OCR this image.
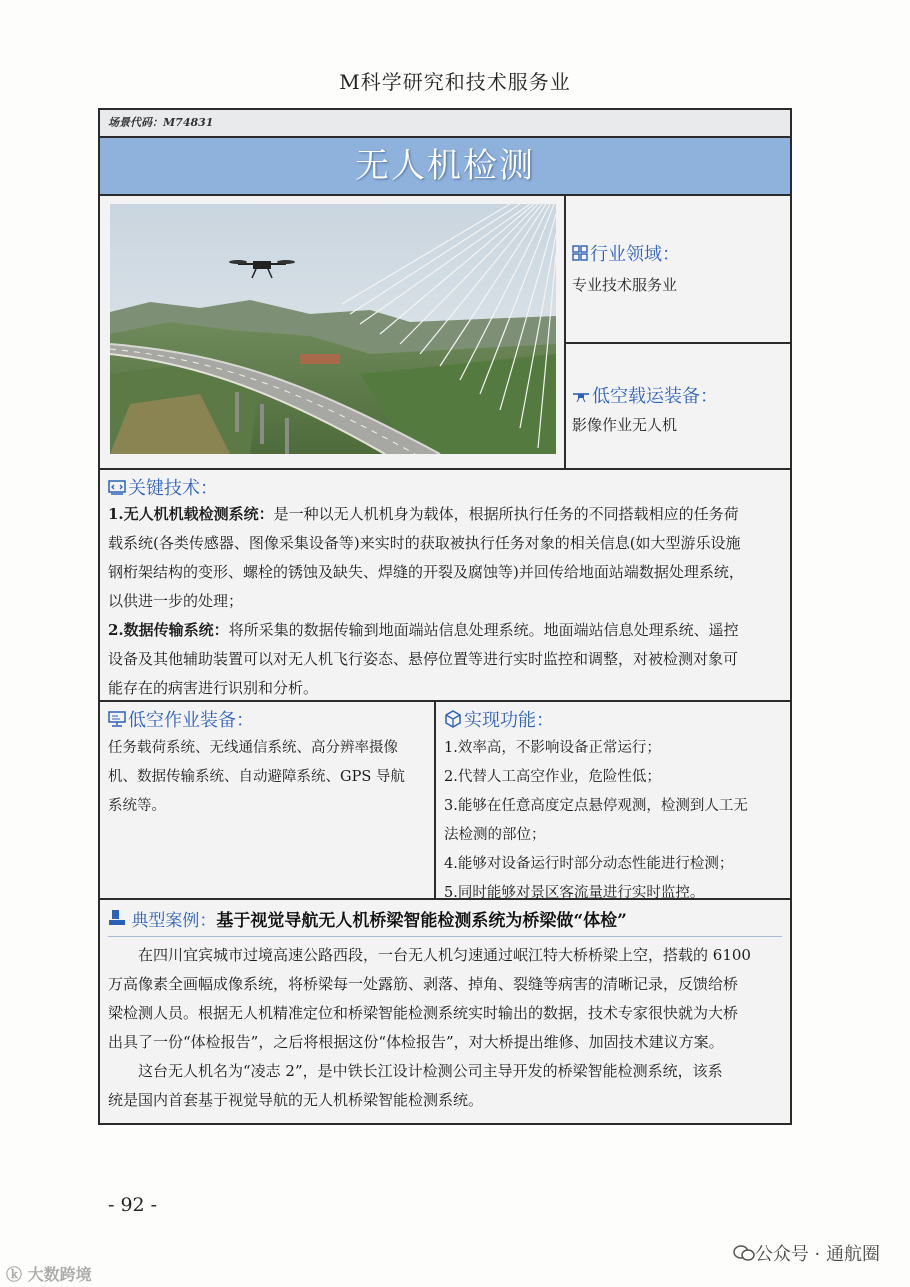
M科学研究和技术服务业
场景代码：M74831
无人机检测
行业领域：
专业技术服务业
低空载运装备：
影像作业无人机
关键技术：

1.无人机机载检测系统：是一种以无人机机身为载体，根据所执行任务的不同搭载相应的任务荷

载系统(各类传感器、图像采集设备等)来实时的获取被执行任务对象的相关信息(如大型游乐设施

钢桁架结构的变形、螺栓的锈蚀及缺失、焊缝的开裂及腐蚀等)并回传给地面站端数据处理系统，

以供进一步的处理；

2.数据传输系统：将所采集的数据传输到地面端站信息处理系统。地面端站信息处理系统、遥控

设备及其他辅助装置可以对无人机飞行姿态、悬停位置等进行实时监控和调整，对被检测对象可

能存在的病害进行识别和分析。

低空作业装备：

任务载荷系统、无线通信系统、高分辨率摄像

机、数据传输系统、自动避障系统、GPS 导航

系统等。

实现功能：

1.效率高，不影响设备正常运行；

2.代替人工高空作业，危险性低；

3.能够在任意高度定点悬停观测，检测到人工无

法检测的部位；

4.能够对设备运行时部分动态性能进行检测；

5.同时能够对景区客流量进行实时监控。

典型案例：基于视觉导航无人机桥梁智能检测系统为桥梁做“体检”

在四川宜宾城市过境高速公路西段，一台无人机匀速通过岷江特大桥桥梁上空，搭载的 6100

万高像素全画幅成像系统，将桥梁每一处露筋、剥落、掉角、裂缝等病害的清晰记录，反馈给桥

梁检测人员。根据无人机精准定位和桥梁智能检测系统实时输出的数据，技术专家很快就为大桥

出具了一份“体检报告”，之后将根据这份“体检报告”，对大桥提出维修、加固技术建议方案。

这台无人机名为“凌志 2”，是中铁长江设计检测公司主导开发的桥梁智能检测系统，该系

统是国内首套基于视觉导航的无人机桥梁智能检测系统。

- 92 -
公众号 · 通航圈
ⓚ 大数跨境
